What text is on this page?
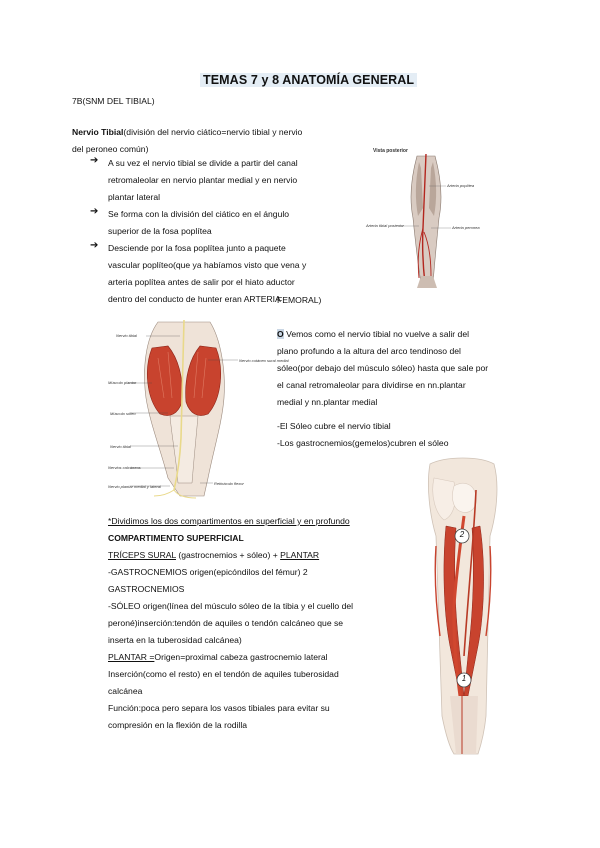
TEMAS 7 y 8 ANATOMÍA GENERAL
7B(SNM DEL TIBIAL)
Nervio Tibial(división del nervio ciático=nervio tibial y nervio
del peroneo común)
➔ A su vez el nervio tibial se divide a partir del canal
retromaleolar en nervio plantar medial y en nervio
plantar lateral
➔ Se forma con la división del ciático en el ángulo
superior de la fosa poplítea
➔ Desciende por la fosa poplítea junto a paquete
vascular poplíteo(que ya habíamos visto que vena y
arteria poplítea antes de salir por el hiato aductor
dentro del conducto de hunter eran ARTERIA
FEMORAL)
Vista posterior
Arteria poplítea
Arteria tibial posterior	Arteria peronea
Nervio tibial
Nervio cutáneo sural medial
Músculo plantar
Músculo sóleo
Nervio tibial
Nervios calcáneos
Nervio plantar medial y lateral
Retináculo flexor
O Vemos como el nervio tibial no vuelve a salir del
plano profundo a la altura del arco tendinoso del
sóleo(por debajo del músculo sóleo) hasta que sale por
el canal retromaleolar para dividirse en nn.plantar
medial y nn.plantar medial
-El Sóleo cubre el nervio tibial
-Los gastrocnemios(gemelos)cubren el sóleo
2
1
*Dividimos los dos compartimentos en superficial y en profundo
COMPARTIMENTO SUPERFICIAL
TRÍCEPS SURAL (gastrocnemios + sóleo) + PLANTAR
-GASTROCNEMIOS origen(epicóndilos del fémur) 2
GASTROCNEMIOS
-SÓLEO origen(línea del músculo sóleo de la tibia y el cuello del
peroné)inserción:tendón de aquiles o tendón calcáneo que se
inserta en la tuberosidad calcánea)
PLANTAR =Origen=proximal cabeza gastrocnemio lateral
Inserción(como el resto) en el tendón de aquiles tuberosidad
calcánea
Función:poca pero separa los vasos tibiales para evitar su
compresión en la flexión de la rodilla
